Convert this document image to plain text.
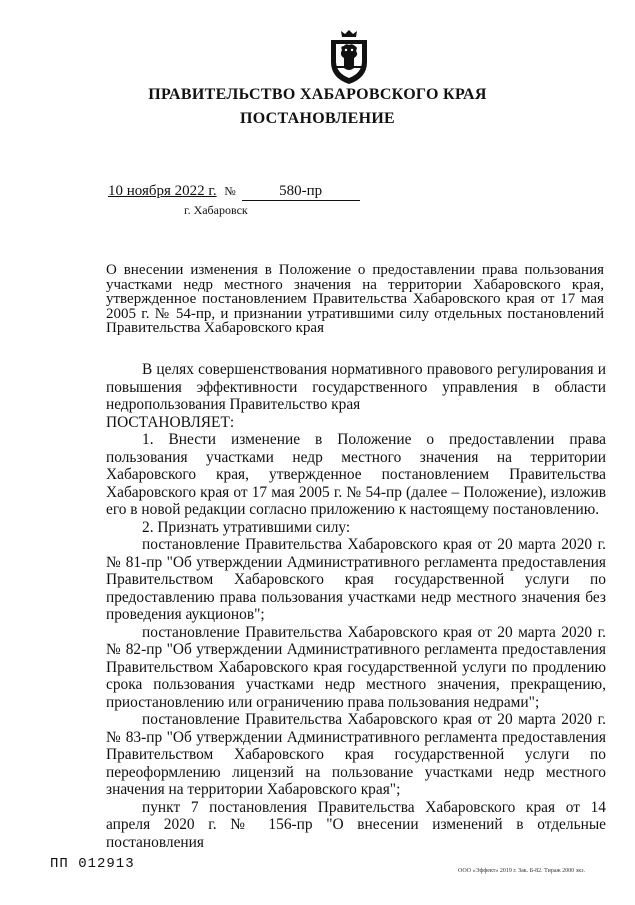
ПРАВИТЕЛЬСТВО ХАБАРОВСКОГО КРАЯ
ПОСТАНОВЛЕНИЕ
10 ноября 2022 г. №	580-пр
г. Хабаровск
О внесении изменения в Положение о предоставлении права пользования участками недр местного значения на территории Хабаровского края, утвержденное постановлением Правительства Хабаровского края от 17 мая 2005 г. № 54-пр, и признании утратившими силу отдельных постановлений Правительства Хабаровского края

В целях совершенствования нормативного правового регулирования и повышения эффективности государственного управления в области недропользования Правительство края

ПОСТАНОВЛЯЕТ:

1. Внести изменение в Положение о предоставлении права пользования участками недр местного значения на территории Хабаровского края, утвержденное постановлением Правительства Хабаровского края от 17 мая 2005 г. № 54-пр (далее – Положение), изложив его в новой редакции согласно приложению к настоящему постановлению.

2. Признать утратившими силу:

постановление Правительства Хабаровского края от 20 марта 2020 г. № 81-пр "Об утверждении Административного регламента предоставления Правительством Хабаровского края государственной услуги по предоставлению права пользования участками недр местного значения без проведения аукционов";

постановление Правительства Хабаровского края от 20 марта 2020 г. № 82-пр "Об утверждении Административного регламента предоставления Правительством Хабаровского края государственной услуги по продлению срока пользования участками недр местного значения, прекращению, приостановлению или ограничению права пользования недрами";

постановление Правительства Хабаровского края от 20 марта 2020 г. № 83-пр "Об утверждении Административного регламента предоставления Правительством Хабаровского края государственной услуги по переоформлению лицензий на пользование участками недр местного значения на территории Хабаровского края";

пункт 7 постановления Правительства Хабаровского края от 14 апреля 2020 г. № 156-пр "О внесении изменений в отдельные постановления

ПП 012913	ООО «Эффект» 2019 г. Зак. Б-82. Тираж 2000 экз.
